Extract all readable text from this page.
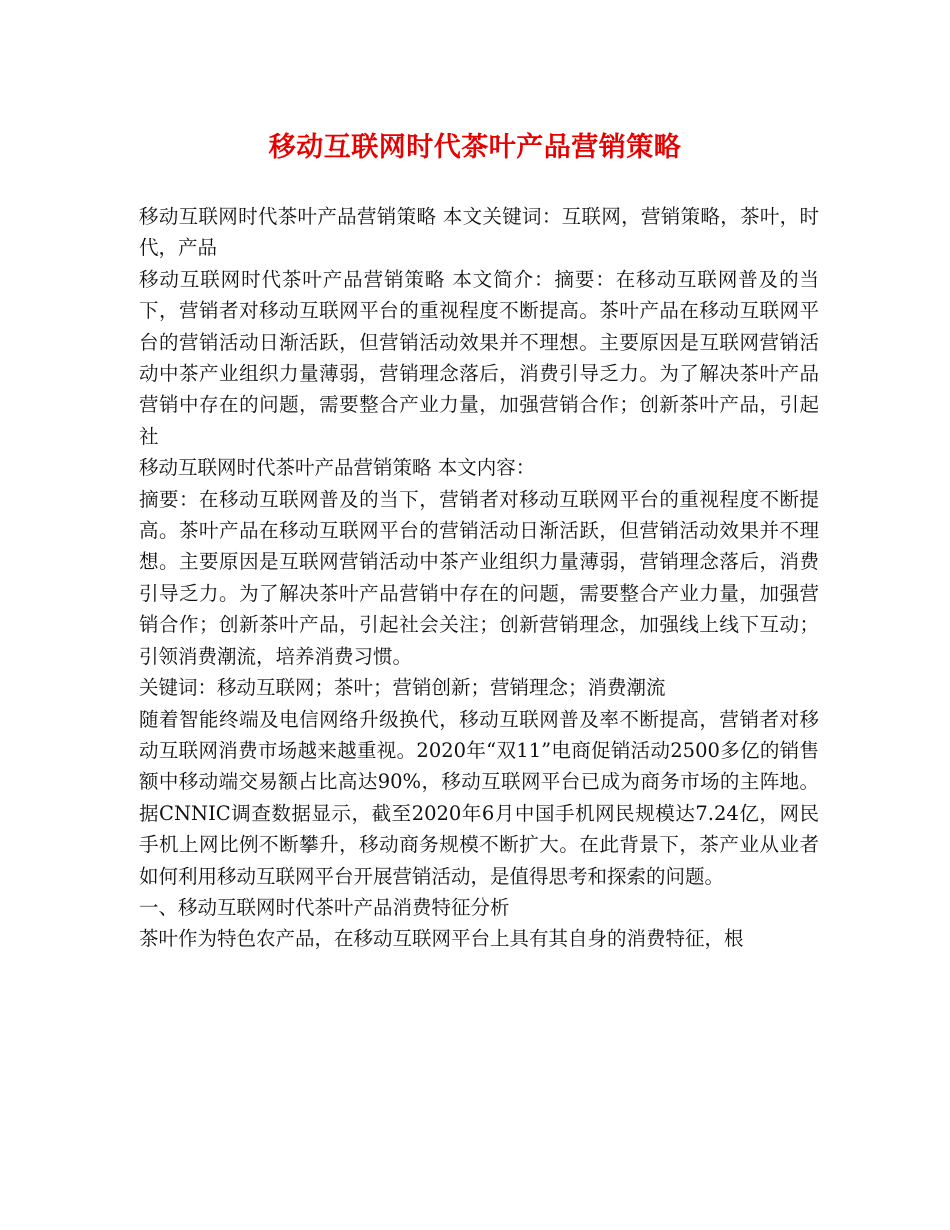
移动互联网时代茶叶产品营销策略

移动互联网时代茶叶产品营销策略 本文关键词：互联网，营销策略，茶叶，时代，产品

移动互联网时代茶叶产品营销策略 本文简介：摘要：在移动互联网普及的当下，营销者对移动互联网平台的重视程度不断提高。茶叶产品在移动互联网平台的营销活动日渐活跃，但营销活动效果并不理想。主要原因是互联网营销活动中茶产业组织力量薄弱，营销理念落后，消费引导乏力。为了解决茶叶产品营销中存在的问题，需要整合产业力量，加强营销合作；创新茶叶产品，引起社

移动互联网时代茶叶产品营销策略 本文内容：

摘要：在移动互联网普及的当下，营销者对移动互联网平台的重视程度不断提高。茶叶产品在移动互联网平台的营销活动日渐活跃，但营销活动效果并不理想。主要原因是互联网营销活动中茶产业组织力量薄弱，营销理念落后，消费引导乏力。为了解决茶叶产品营销中存在的问题，需要整合产业力量，加强营销合作；创新茶叶产品，引起社会关注；创新营销理念，加强线上线下互动；引领消费潮流，培养消费习惯。

关键词：移动互联网；茶叶；营销创新；营销理念；消费潮流

随着智能终端及电信网络升级换代，移动互联网普及率不断提高，营销者对移动互联网消费市场越来越重视。2020年“双11”电商促销活动2500多亿的销售额中移动端交易额占比高达90%，移动互联网平台已成为商务市场的主阵地。据CNNIC调查数据显示，截至2020年6月中国手机网民规模达7.24亿，网民手机上网比例不断攀升，移动商务规模不断扩大。在此背景下，茶产业从业者如何利用移动互联网平台开展营销活动，是值得思考和探索的问题。

一、移动互联网时代茶叶产品消费特征分析

茶叶作为特色农产品，在移动互联网平台上具有其自身的消费特征，根
